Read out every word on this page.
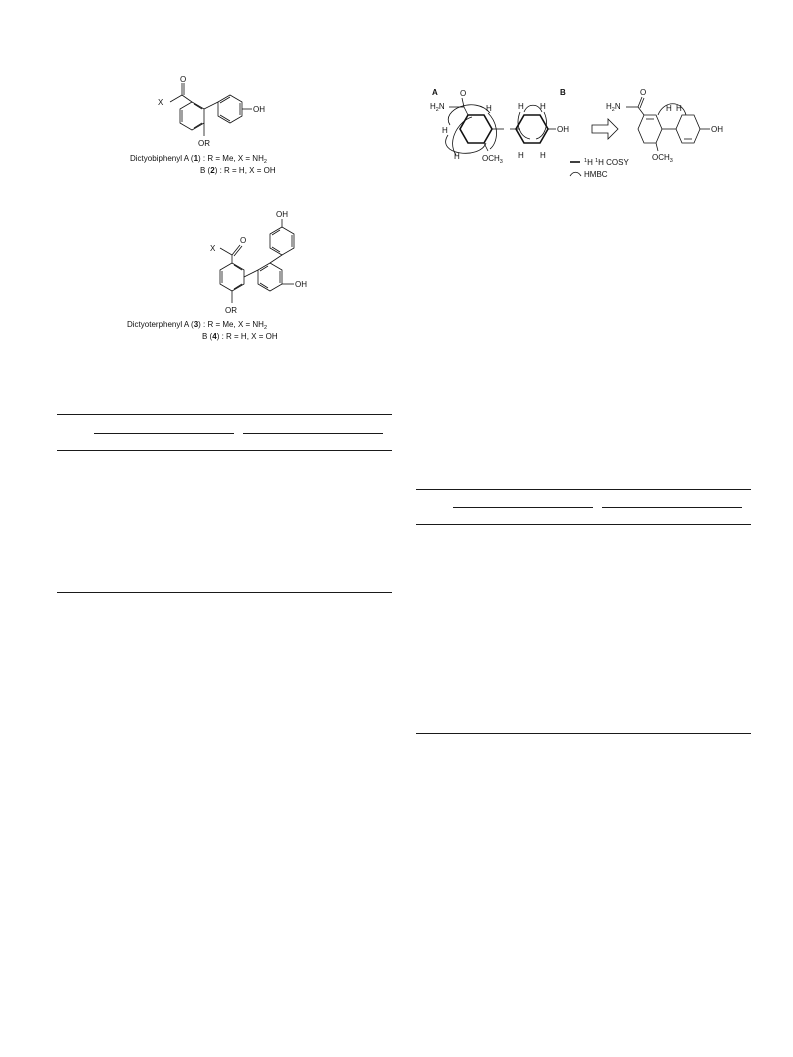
X
O
OH
OR
Dictyobiphenyl A (1) : R = Me, $X = NH_2$
B (2) : R = H, X = OH
OH
OH
O
X
OR
Dictyoterphenyl A (3) : R = Me, $X = NH_2$
B (4) : R = H, X = OH
A	B
$H_2N$
O
H
H
H	$OCH_3$
H H
H H
OH
$^1$H $^1$H COSY
HMBC
$H_2N$
O
H H
OH
$OCH_3$
